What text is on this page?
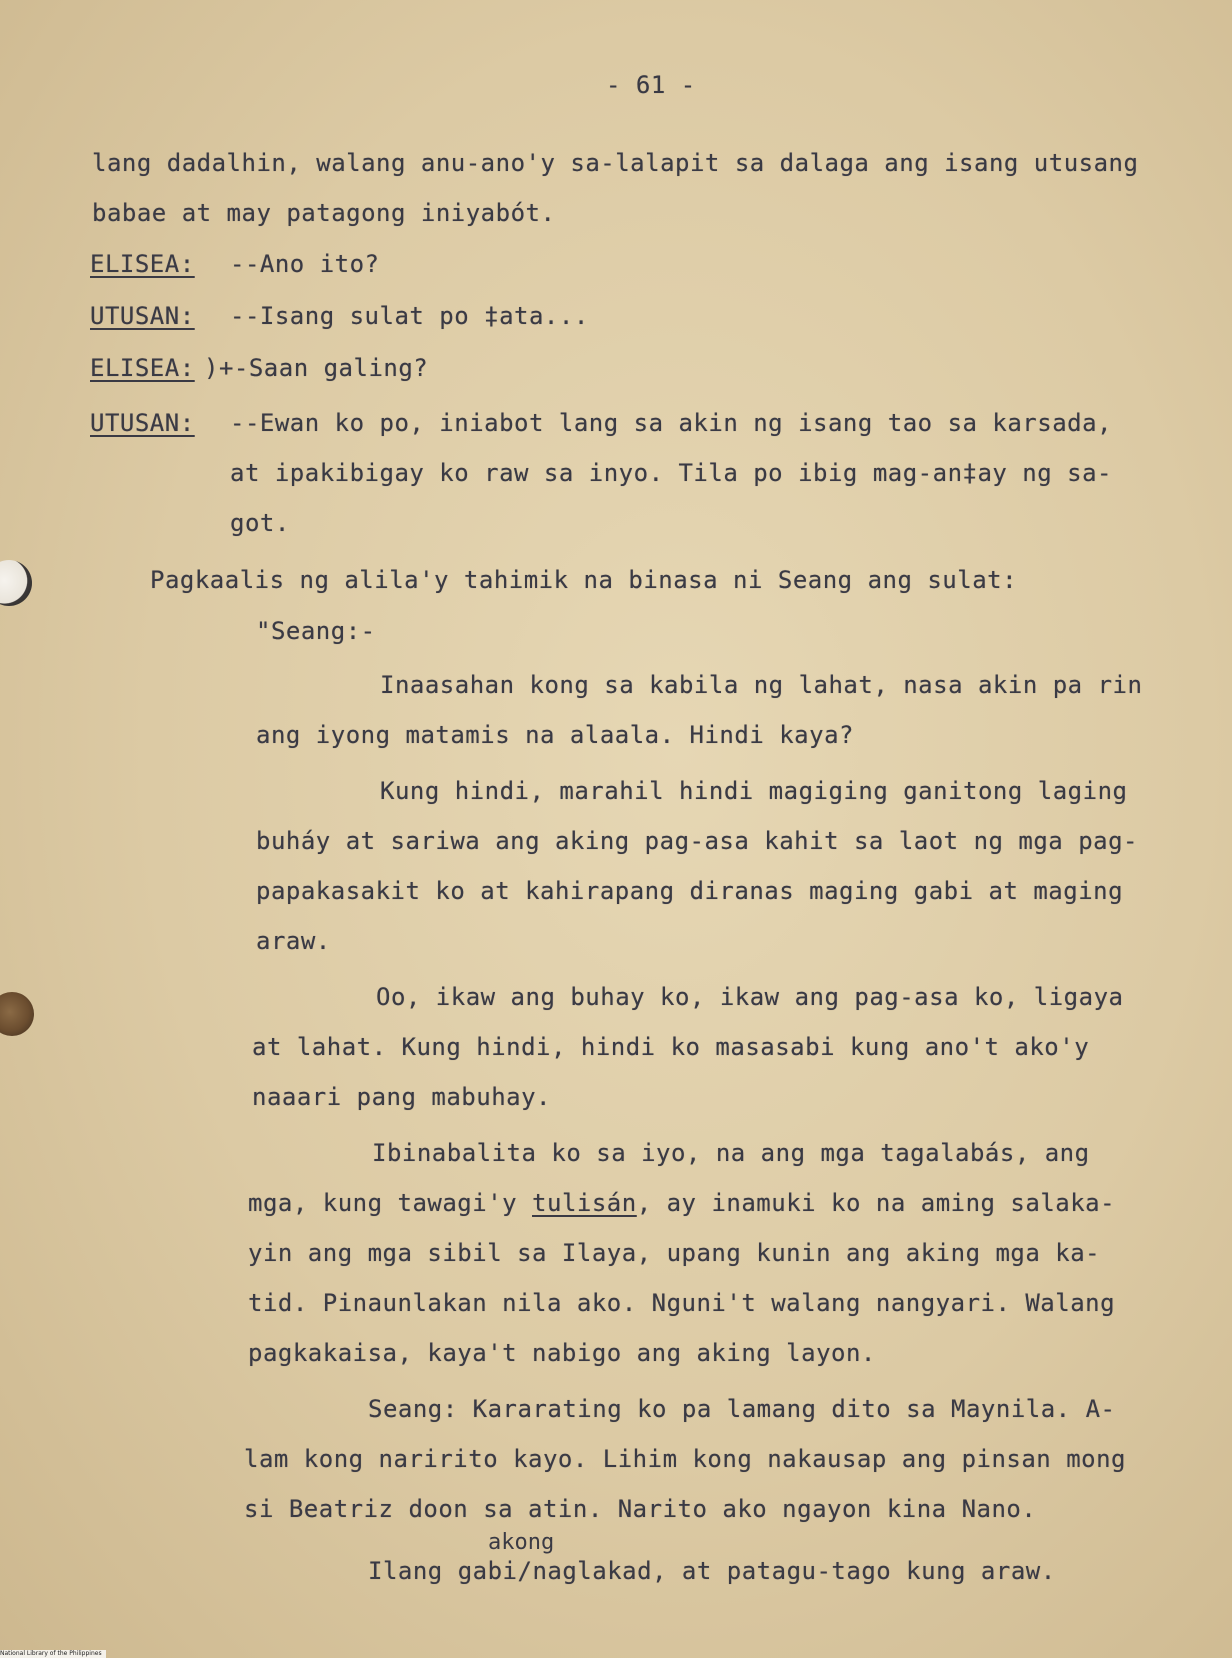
- 61 -
lang dadalhin, walang anu-ano'y sa-lalapit sa dalaga ang isang utusang
babae at may patagong iniyabót.
ELISEA: --Ano ito?
UTUSAN: --Isang sulat po ‡ata...
ELISEA: )+-Saan galing?
UTUSAN: --Ewan ko po, iniabot lang sa akin ng isang tao sa karsada,
at ipakibigay ko raw sa inyo. Tila po ibig mag-an‡ay ng sa-
got.
Pagkaalis ng alila'y tahimik na binasa ni Seang ang sulat:
"Seang:-
Inaasahan kong sa kabila ng lahat, nasa akin pa rin
ang iyong matamis na alaala. Hindi kaya?
Kung hindi, marahil hindi magiging ganitong laging
buháy at sariwa ang aking pag-asa kahit sa laot ng mga pag-
papakasakit ko at kahirapang diranas maging gabi at maging
araw.
Oo, ikaw ang buhay ko, ikaw ang pag-asa ko, ligaya
at lahat. Kung hindi, hindi ko masasabi kung ano't ako'y
naaari pang mabuhay.
Ibinabalita ko sa iyo, na ang mga tagalabás, ang
mga, kung tawagi'y tulisán, ay inamuki ko na aming salaka-
yin ang mga sibil sa Ilaya, upang kunin ang aking mga ka-
tid. Pinaunlakan nila ako. Nguni't walang nangyari. Walang
pagkakaisa, kaya't nabigo ang aking layon.
Seang: Kararating ko pa lamang dito sa Maynila. A-
lam kong naririto kayo. Lihim kong nakausap ang pinsan mong
si Beatriz doon sa atin. Narito ako ngayon kina Nano.
akong
Ilang gabi/naglakad, at patagu-tago kung araw.
National Library of the Philippines
